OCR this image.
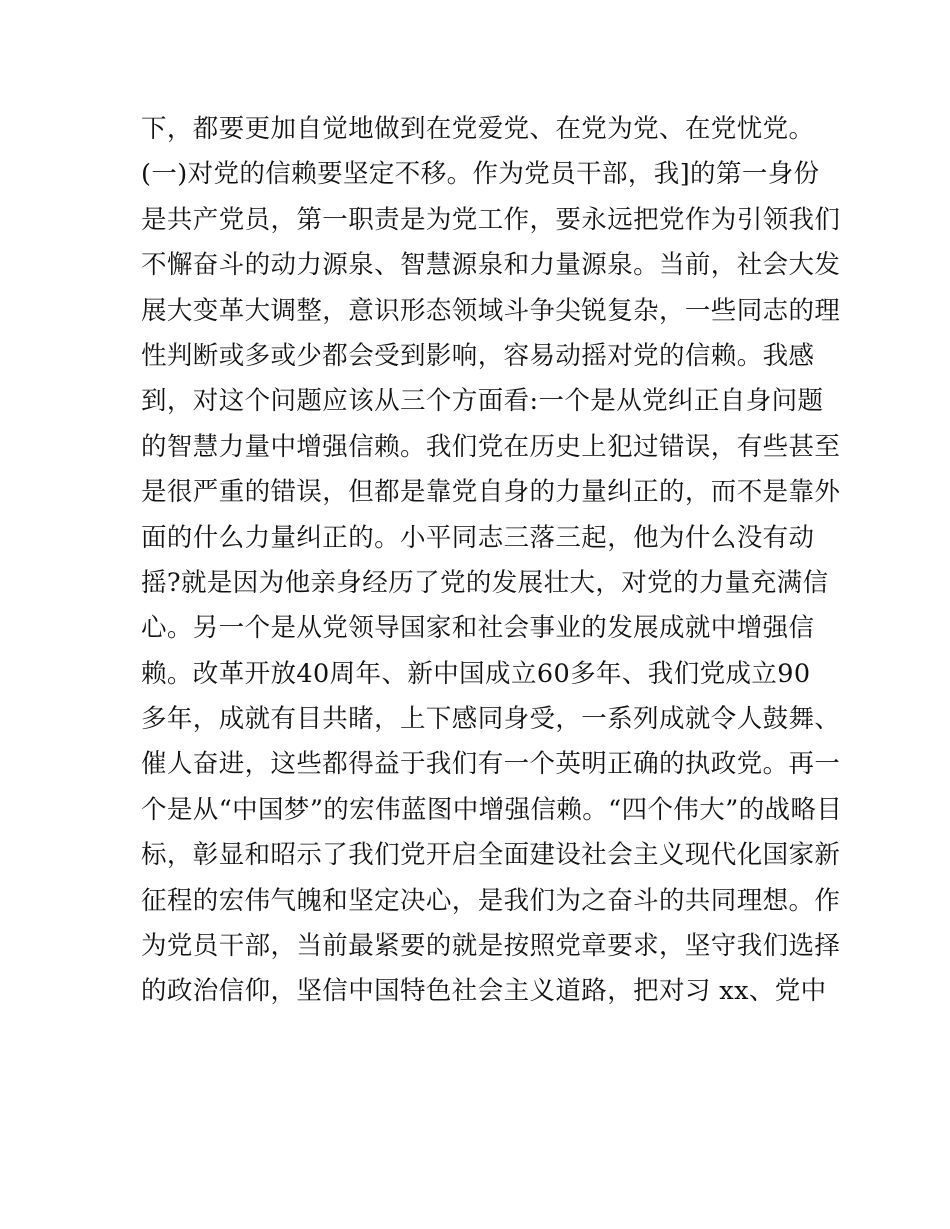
下，都要更加自觉地做到在党爱党、在党为党、在党忧党。
(一)对党的信赖要坚定不移。作为党员干部，我]的第一身份
是共产党员，第一职责是为党工作，要永远把党作为引领我们
不懈奋斗的动力源泉、智慧源泉和力量源泉。当前，社会大发
展大变革大调整，意识形态领域斗争尖锐复杂，一些同志的理
性判断或多或少都会受到影响，容易动摇对党的信赖。我感
到，对这个问题应该从三个方面看:一个是从党纠正自身问题
的智慧力量中增强信赖。我们党在历史上犯过错误，有些甚至
是很严重的错误，但都是靠党自身的力量纠正的，而不是靠外
面的什么力量纠正的。小平同志三落三起，他为什么没有动
摇?就是因为他亲身经历了党的发展壮大，对党的力量充满信
心。另一个是从党领导国家和社会事业的发展成就中增强信
赖。改革开放40周年、新中国成立60多年、我们党成立90
多年，成就有目共睹，上下感同身受，一系列成就令人鼓舞、
催人奋进，这些都得益于我们有一个英明正确的执政党。再一
个是从“中国梦”的宏伟蓝图中增强信赖。“四个伟大”的战略目
标，彰显和昭示了我们党开启全面建设社会主义现代化国家新
征程的宏伟气魄和坚定决心，是我们为之奋斗的共同理想。作
为党员干部，当前最紧要的就是按照党章要求，坚守我们选择
的政治信仰，坚信中国特色社会主义道路，把对习 xx、党中
